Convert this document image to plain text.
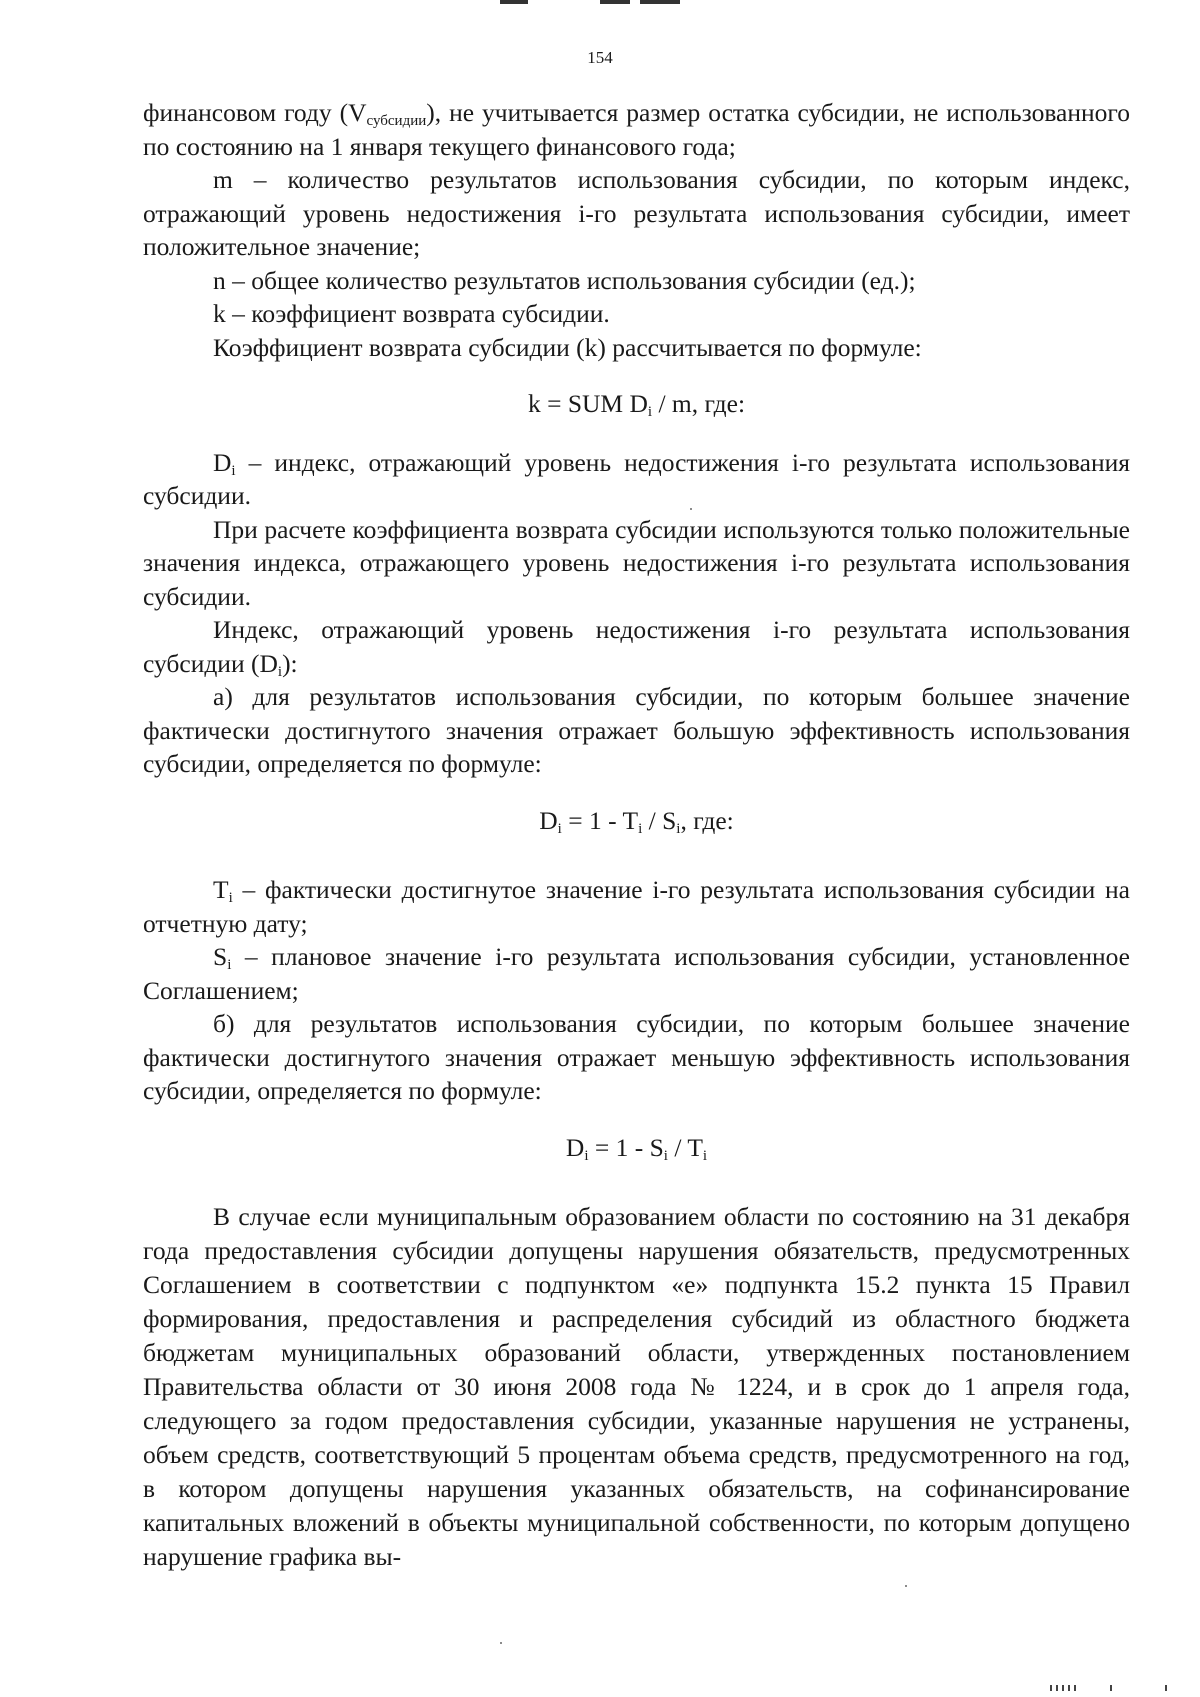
154

финансовом году $(V_{субсидии})$, не учитывается размер остатка субсидии, не использованного по состоянию на 1 января текущего финансового года;

m – количество результатов использования субсидии, по которым индекс, отражающий уровень недостижения i-го результата использования субсидии, имеет положительное значение;

n – общее количество результатов использования субсидии (ед.);

k – коэффициент возврата субсидии.

Коэффициент возврата субсидии (k) рассчитывается по формуле:

k = SUM $D_i$ / m, где:

$D_i$ – индекс, отражающий уровень недостижения i-го результата использования субсидии.

При расчете коэффициента возврата субсидии используются только положительные значения индекса, отражающего уровень недостижения i-го результата использования субсидии.

Индекс, отражающий уровень недостижения i-го результата использования субсидии $(D_i)$:

а) для результатов использования субсидии, по которым большее значение фактически достигнутого значения отражает большую эффективность использования субсидии, определяется по формуле:

$D_i = 1 - T_i / S_i$, где:

$T_i$ – фактически достигнутое значение i-го результата использования субсидии на отчетную дату;

$S_i$ – плановое значение i-го результата использования субсидии, установленное Соглашением;

б) для результатов использования субсидии, по которым большее значение фактически достигнутого значения отражает меньшую эффективность использования субсидии, определяется по формуле:

$D_i = 1 - S_i / T_i$

В случае если муниципальным образованием области по состоянию на 31 декабря года предоставления субсидии допущены нарушения обязательств, предусмотренных Соглашением в соответствии с подпунктом «е» подпункта 15.2 пункта 15 Правил формирования, предоставления и распределения субсидий из областного бюджета бюджетам муниципальных образований области, утвержденных постановлением Правительства области от 30 июня 2008 года № 1224, и в срок до 1 апреля года, следующего за годом предоставления субсидии, указанные нарушения не устранены, объем средств, соответствующий 5 процентам объема средств, предусмотренного на год, в котором допущены нарушения указанных обязательств, на софинансирование капитальных вложений в объекты муниципальной собственности, по которым допущено нарушение графика вы-
